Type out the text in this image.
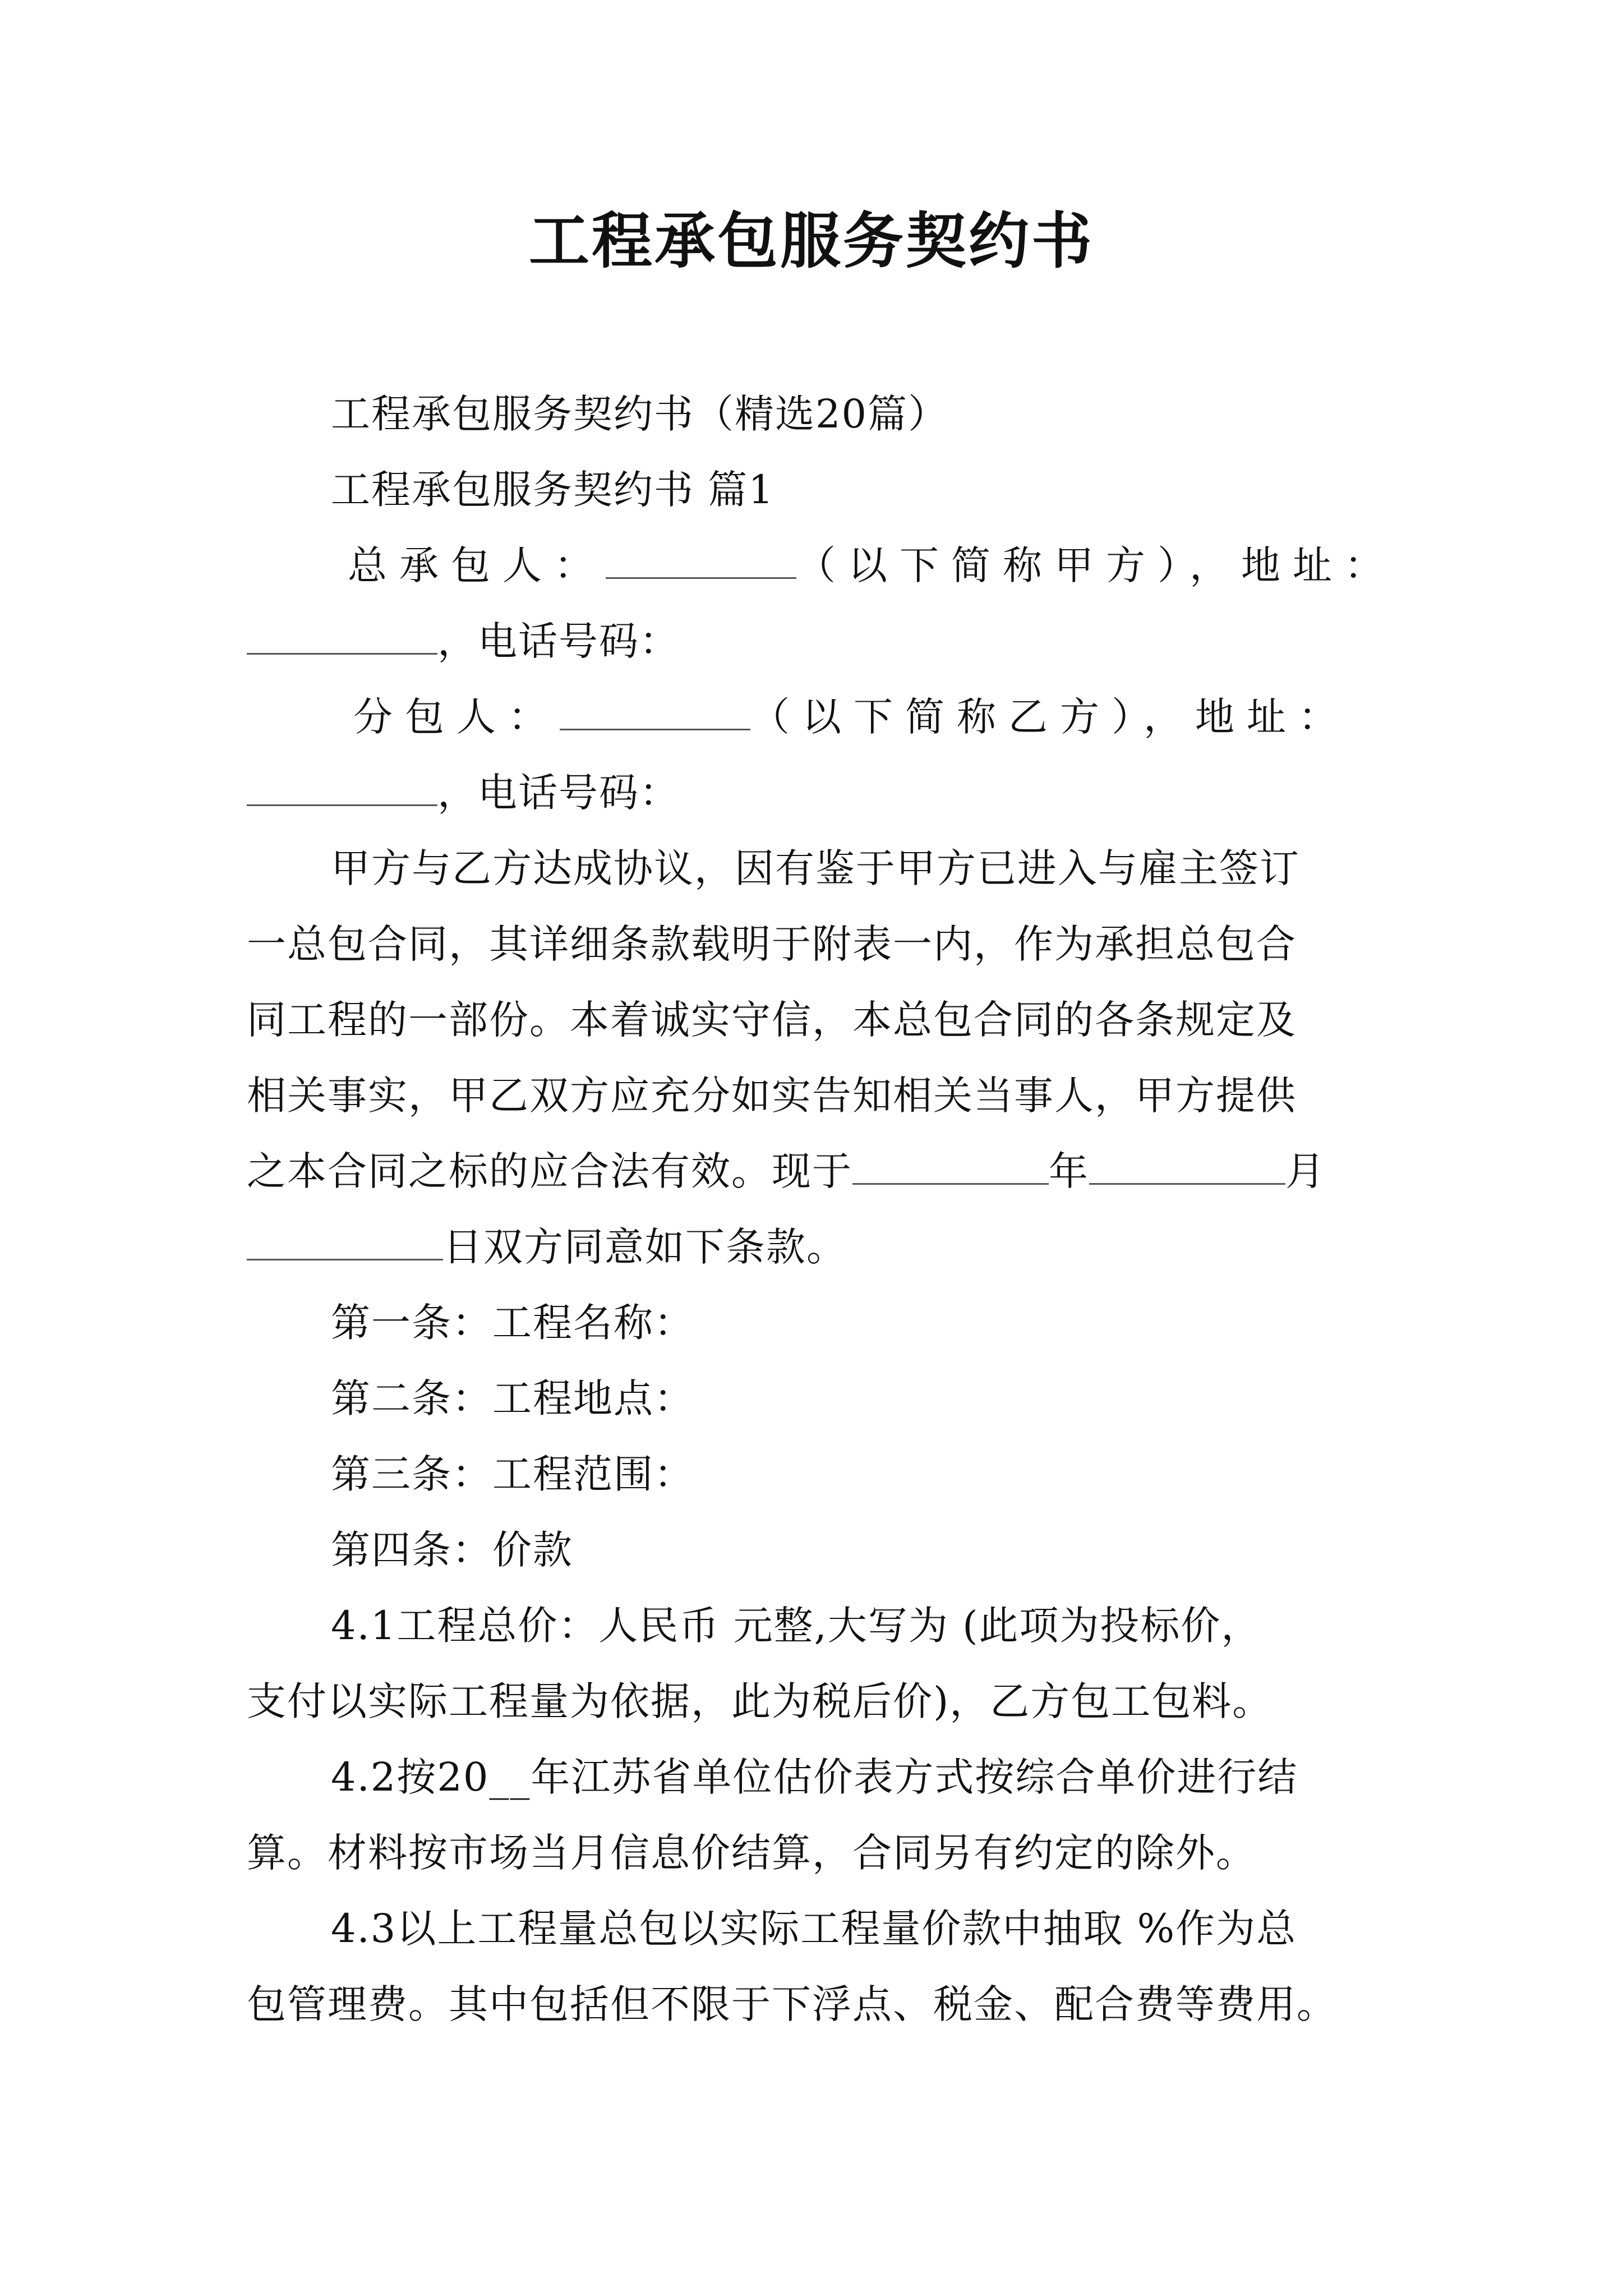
工程承包服务契约书
工程承包服务契约书（精选20篇）
工程承包服务契约书 篇1
总承包人：	（以下简称甲方），地址：
，电话号码：
分包人：	（以下简称乙方），地址：
，电话号码：
甲方与乙方达成协议，因有鉴于甲方已进入与雇主签订
一总包合同，其详细条款载明于附表一内，作为承担总包合
同工程的一部份。本着诚实守信，本总包合同的各条规定及
相关事实，甲乙双方应充分如实告知相关当事人，甲方提供
之本合同之标的应合法有效。现于	年	月
日双方同意如下条款。
第一条：工程名称：
第二条：工程地点：
第三条：工程范围：
第四条：价款
4.1工程总价：人民币 元整,大写为 (此项为投标价，
支付以实际工程量为依据，此为税后价)，乙方包工包料。
4.2按20__年江苏省单位估价表方式按综合单价进行结
算。材料按市场当月信息价结算，合同另有约定的除外。
4.3以上工程量总包以实际工程量价款中抽取 %作为总
包管理费。其中包括但不限于下浮点、税金、配合费等费用。
